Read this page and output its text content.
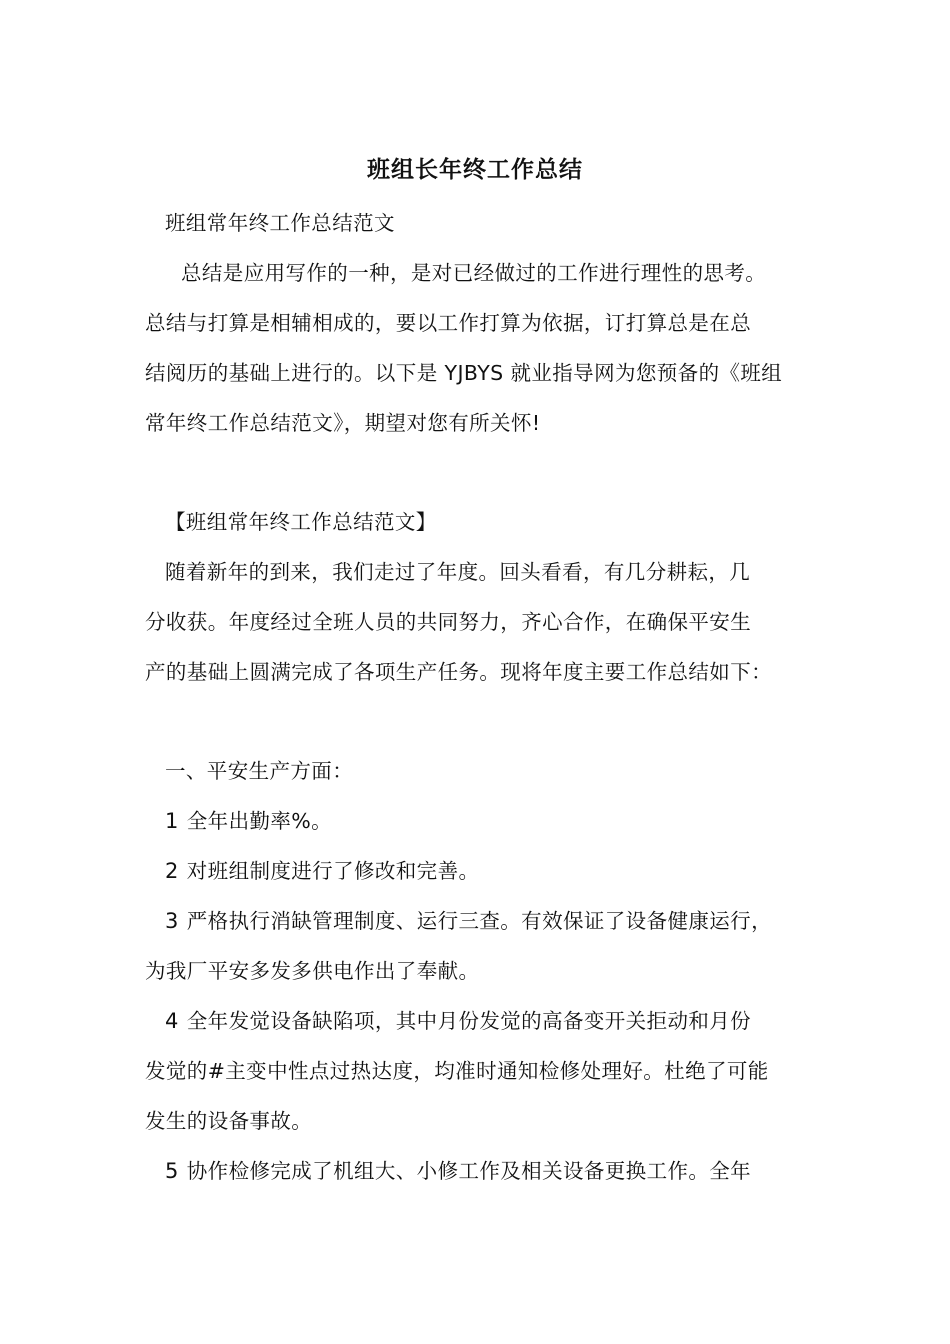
班组长年终工作总结
班组常年终工作总结范文
总结是应用写作的一种，是对已经做过的工作进行理性的思考。
总结与打算是相辅相成的，要以工作打算为依据，订打算总是在总
结阅历的基础上进行的。以下是 YJBYS 就业指导网为您预备的《班组
常年终工作总结范文》，期望对您有所关怀!
【班组常年终工作总结范文】
随着新年的到来，我们走过了年度。回头看看，有几分耕耘，几
分收获。年度经过全班人员的共同努力，齐心合作，在确保平安生
产的基础上圆满完成了各项生产任务。现将年度主要工作总结如下：
一、平安生产方面：
1 全年出勤率%。
2 对班组制度进行了修改和完善。
3 严格执行消缺管理制度、运行三查。有效保证了设备健康运行，
为我厂平安多发多供电作出了奉献。
4 全年发觉设备缺陷项，其中月份发觉的高备变开关拒动和月份
发觉的#主变中性点过热达度，均准时通知检修处理好。杜绝了可能
发生的设备事故。
5 协作检修完成了机组大、小修工作及相关设备更换工作。全年
